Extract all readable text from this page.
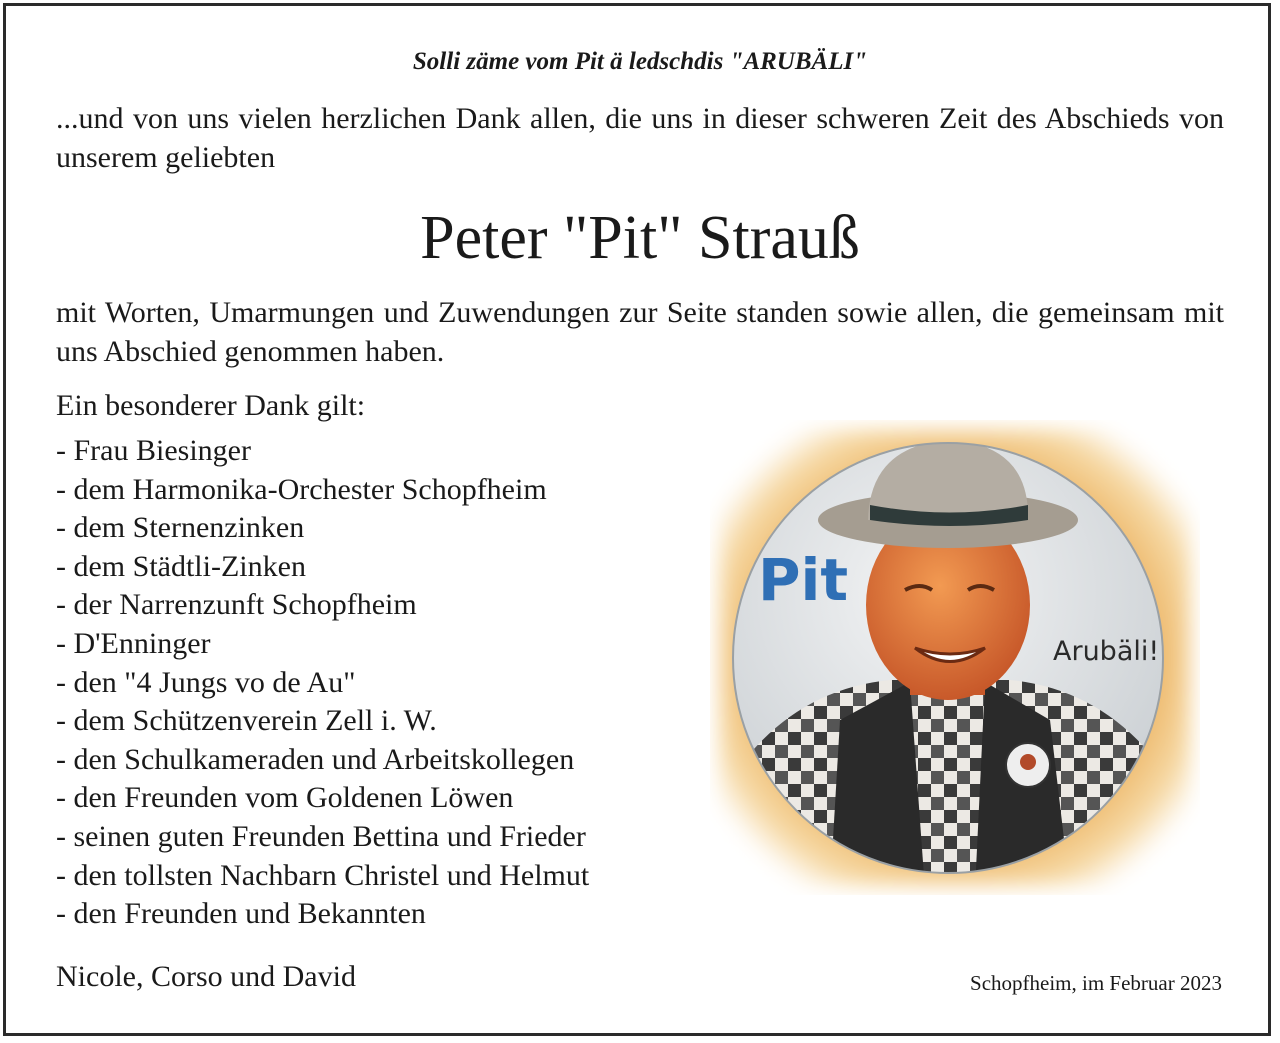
Solli zäme vom Pit ä ledschdis "ARUBÄLI"
...und von uns vielen herzlichen Dank allen, die uns in dieser schweren Zeit des Abschieds von unserem geliebten
Peter "Pit" Strauß
mit Worten, Umarmungen und Zuwendungen zur Seite standen sowie allen, die gemeinsam mit uns Abschied genommen haben.
Ein besonderer Dank gilt:
- Frau Biesinger
- dem Harmonika-Orchester Schopfheim
- dem Sternenzinken
- dem Städtli-Zinken
- der Narrenzunft Schopfheim
- D'Enninger
- den "4 Jungs vo de Au"
- dem Schützenverein Zell i. W.
- den Schulkameraden und Arbeitskollegen
- den Freunden vom Goldenen Löwen
- seinen guten Freunden Bettina und Frieder
- den tollsten Nachbarn Christel und Helmut
- den Freunden und Bekannten
Pit
Arubäli!
Nicole, Corso und David	Schopfheim, im Februar 2023
